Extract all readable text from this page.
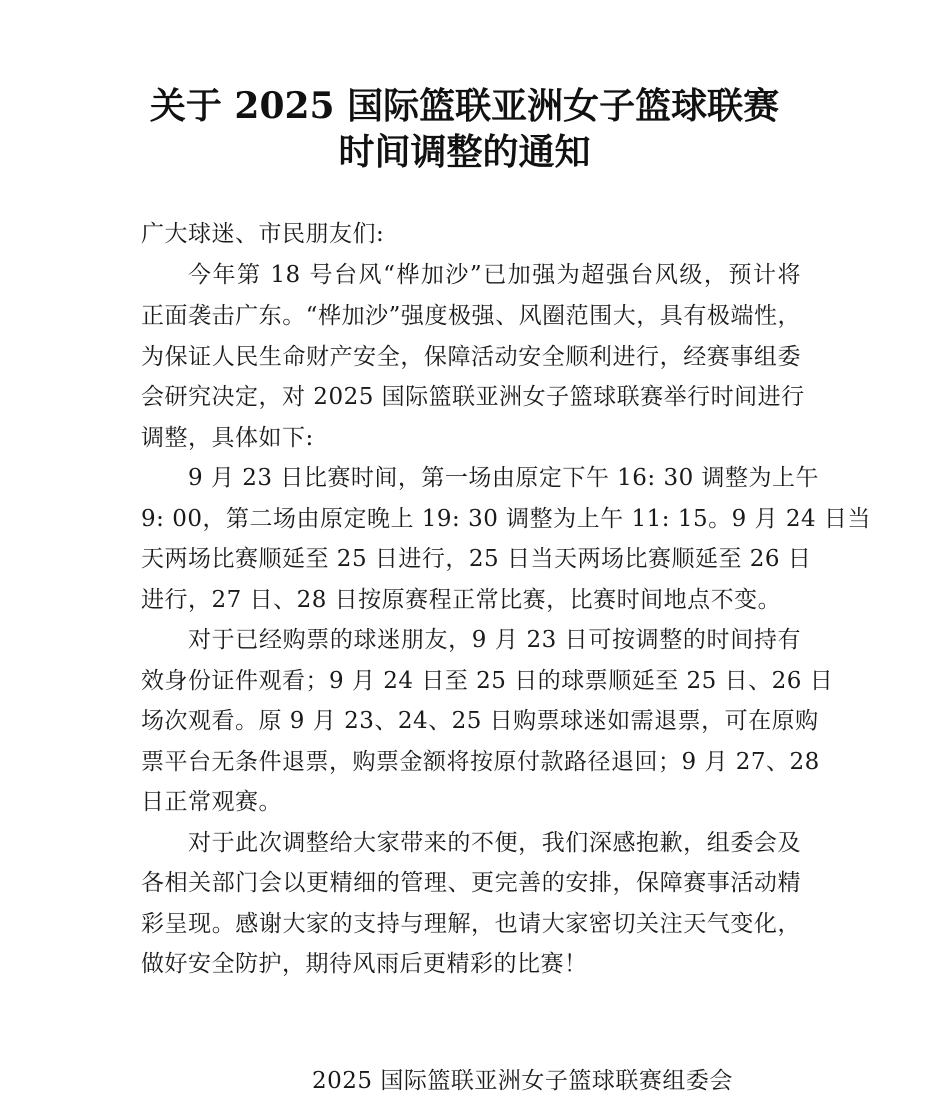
关于 2025 国际篮联亚洲女子篮球联赛
时间调整的通知
广大球迷、市民朋友们:
今年第 18 号台风“桦加沙”已加强为超强台风级，预计将
正面袭击广东。“桦加沙”强度极强、风圈范围大，具有极端性，
为保证人民生命财产安全，保障活动安全顺利进行，经赛事组委
会研究决定，对 2025 国际篮联亚洲女子篮球联赛举行时间进行
调整，具体如下:
9 月 23 日比赛时间，第一场由原定下午 16: 30 调整为上午
9: 00，第二场由原定晚上 19: 30 调整为上午 11: 15。9 月 24 日当
天两场比赛顺延至 25 日进行，25 日当天两场比赛顺延至 26 日
进行，27 日、28 日按原赛程正常比赛，比赛时间地点不变。
对于已经购票的球迷朋友，9 月 23 日可按调整的时间持有
效身份证件观看；9 月 24 日至 25 日的球票顺延至 25 日、26 日
场次观看。原 9 月 23、24、25 日购票球迷如需退票，可在原购
票平台无条件退票，购票金额将按原付款路径退回；9 月 27、28
日正常观赛。
对于此次调整给大家带来的不便，我们深感抱歉，组委会及
各相关部门会以更精细的管理、更完善的安排，保障赛事活动精
彩呈现。感谢大家的支持与理解，也请大家密切关注天气变化，
做好安全防护，期待风雨后更精彩的比赛！
2025 国际篮联亚洲女子篮球联赛组委会
